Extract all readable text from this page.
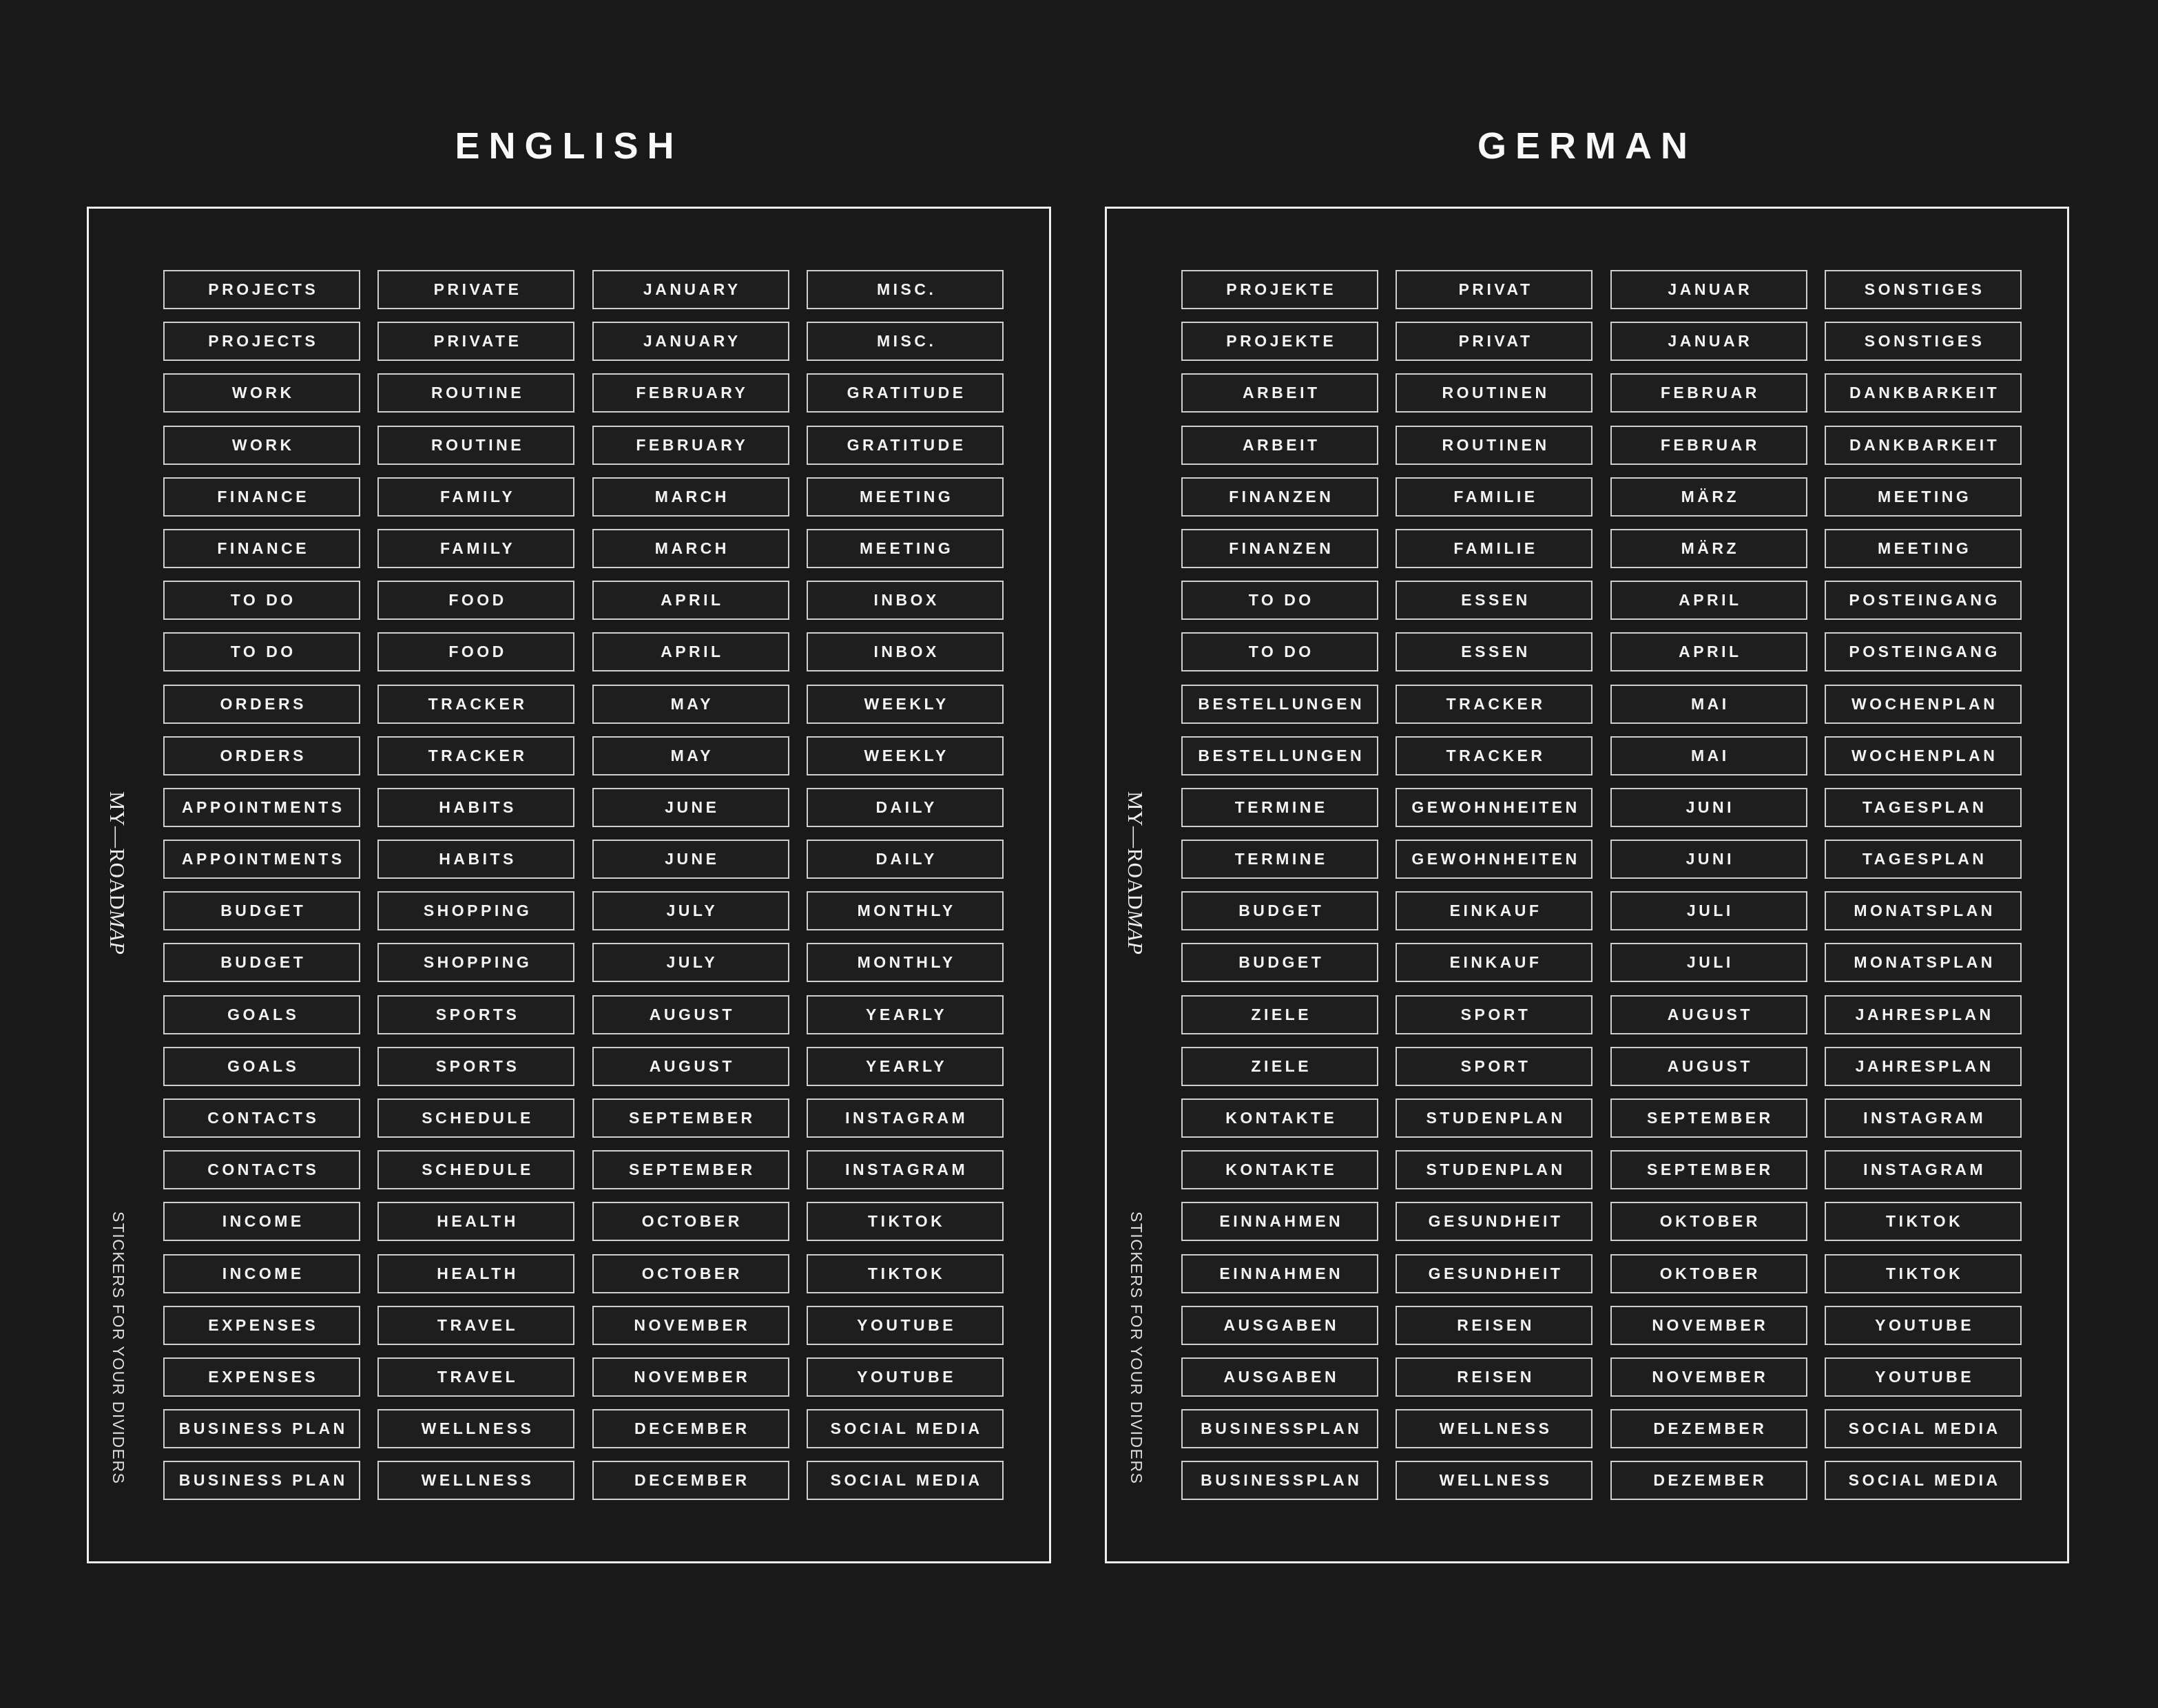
ENGLISH	GERMAN
MY—ROADMAP
STICKERS FOR YOUR DIVIDERS
PROJECTS
PROJECTS
WORK
WORK
FINANCE
FINANCE
TO DO
TO DO
ORDERS
ORDERS
APPOINTMENTS
APPOINTMENTS
BUDGET
BUDGET
GOALS
GOALS
CONTACTS
CONTACTS
INCOME
INCOME
EXPENSES
EXPENSES
BUSINESS PLAN
BUSINESS PLAN
PRIVATE
PRIVATE
ROUTINE
ROUTINE
FAMILY
FAMILY
FOOD
FOOD
TRACKER
TRACKER
HABITS
HABITS
SHOPPING
SHOPPING
SPORTS
SPORTS
SCHEDULE
SCHEDULE
HEALTH
HEALTH
TRAVEL
TRAVEL
WELLNESS
WELLNESS
JANUARY
JANUARY
FEBRUARY
FEBRUARY
MARCH
MARCH
APRIL
APRIL
MAY
MAY
JUNE
JUNE
JULY
JULY
AUGUST
AUGUST
SEPTEMBER
SEPTEMBER
OCTOBER
OCTOBER
NOVEMBER
NOVEMBER
DECEMBER
DECEMBER
MISC.
MISC.
GRATITUDE
GRATITUDE
MEETING
MEETING
INBOX
INBOX
WEEKLY
WEEKLY
DAILY
DAILY
MONTHLY
MONTHLY
YEARLY
YEARLY
INSTAGRAM
INSTAGRAM
TIKTOK
TIKTOK
YOUTUBE
YOUTUBE
SOCIAL MEDIA
SOCIAL MEDIA
MY—ROADMAP
STICKERS FOR YOUR DIVIDERS
PROJEKTE
PROJEKTE
ARBEIT
ARBEIT
FINANZEN
FINANZEN
TO DO
TO DO
BESTELLUNGEN
BESTELLUNGEN
TERMINE
TERMINE
BUDGET
BUDGET
ZIELE
ZIELE
KONTAKTE
KONTAKTE
EINNAHMEN
EINNAHMEN
AUSGABEN
AUSGABEN
BUSINESSPLAN
BUSINESSPLAN
PRIVAT
PRIVAT
ROUTINEN
ROUTINEN
FAMILIE
FAMILIE
ESSEN
ESSEN
TRACKER
TRACKER
GEWOHNHEITEN
GEWOHNHEITEN
EINKAUF
EINKAUF
SPORT
SPORT
STUDENPLAN
STUDENPLAN
GESUNDHEIT
GESUNDHEIT
REISEN
REISEN
WELLNESS
WELLNESS
JANUAR
JANUAR
FEBRUAR
FEBRUAR
MÄRZ
MÄRZ
APRIL
APRIL
MAI
MAI
JUNI
JUNI
JULI
JULI
AUGUST
AUGUST
SEPTEMBER
SEPTEMBER
OKTOBER
OKTOBER
NOVEMBER
NOVEMBER
DEZEMBER
DEZEMBER
SONSTIGES
SONSTIGES
DANKBARKEIT
DANKBARKEIT
MEETING
MEETING
POSTEINGANG
POSTEINGANG
WOCHENPLAN
WOCHENPLAN
TAGESPLAN
TAGESPLAN
MONATSPLAN
MONATSPLAN
JAHRESPLAN
JAHRESPLAN
INSTAGRAM
INSTAGRAM
TIKTOK
TIKTOK
YOUTUBE
YOUTUBE
SOCIAL MEDIA
SOCIAL MEDIA
